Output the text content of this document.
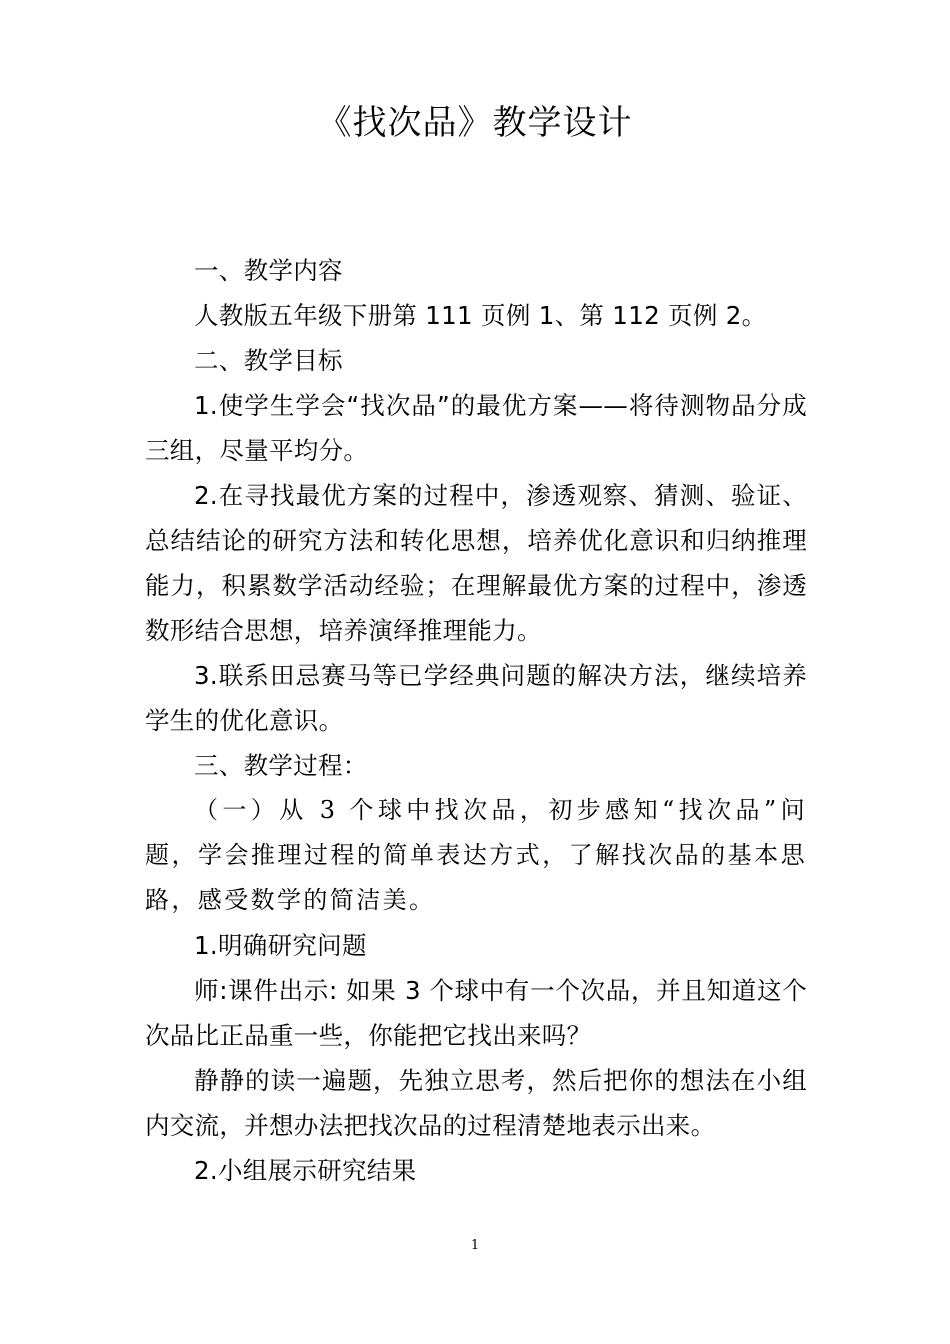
《找次品》教学设计

一、教学内容

人教版五年级下册第 111 页例 1、第 112 页例 2。

二、教学目标

1.使学生学会“找次品”的最优方案——将待测物品分成三组，尽量平均分。

2.在寻找最优方案的过程中，渗透观察、猜测、验证、总结结论的研究方法和转化思想，培养优化意识和归纳推理能力，积累数学活动经验；在理解最优方案的过程中，渗透数形结合思想，培养演绎推理能力。

3.联系田忌赛马等已学经典问题的解决方法，继续培养学生的优化意识。

三、教学过程：

（一）从 3 个球中找次品，初步感知“找次品”问题，学会推理过程的简单表达方式，了解找次品的基本思路，感受数学的简洁美。

1.明确研究问题

师:课件出示: 如果 3 个球中有一个次品，并且知道这个次品比正品重一些，你能把它找出来吗？

静静的读一遍题，先独立思考，然后把你的想法在小组内交流，并想办法把找次品的过程清楚地表示出来。

2.小组展示研究结果

1
